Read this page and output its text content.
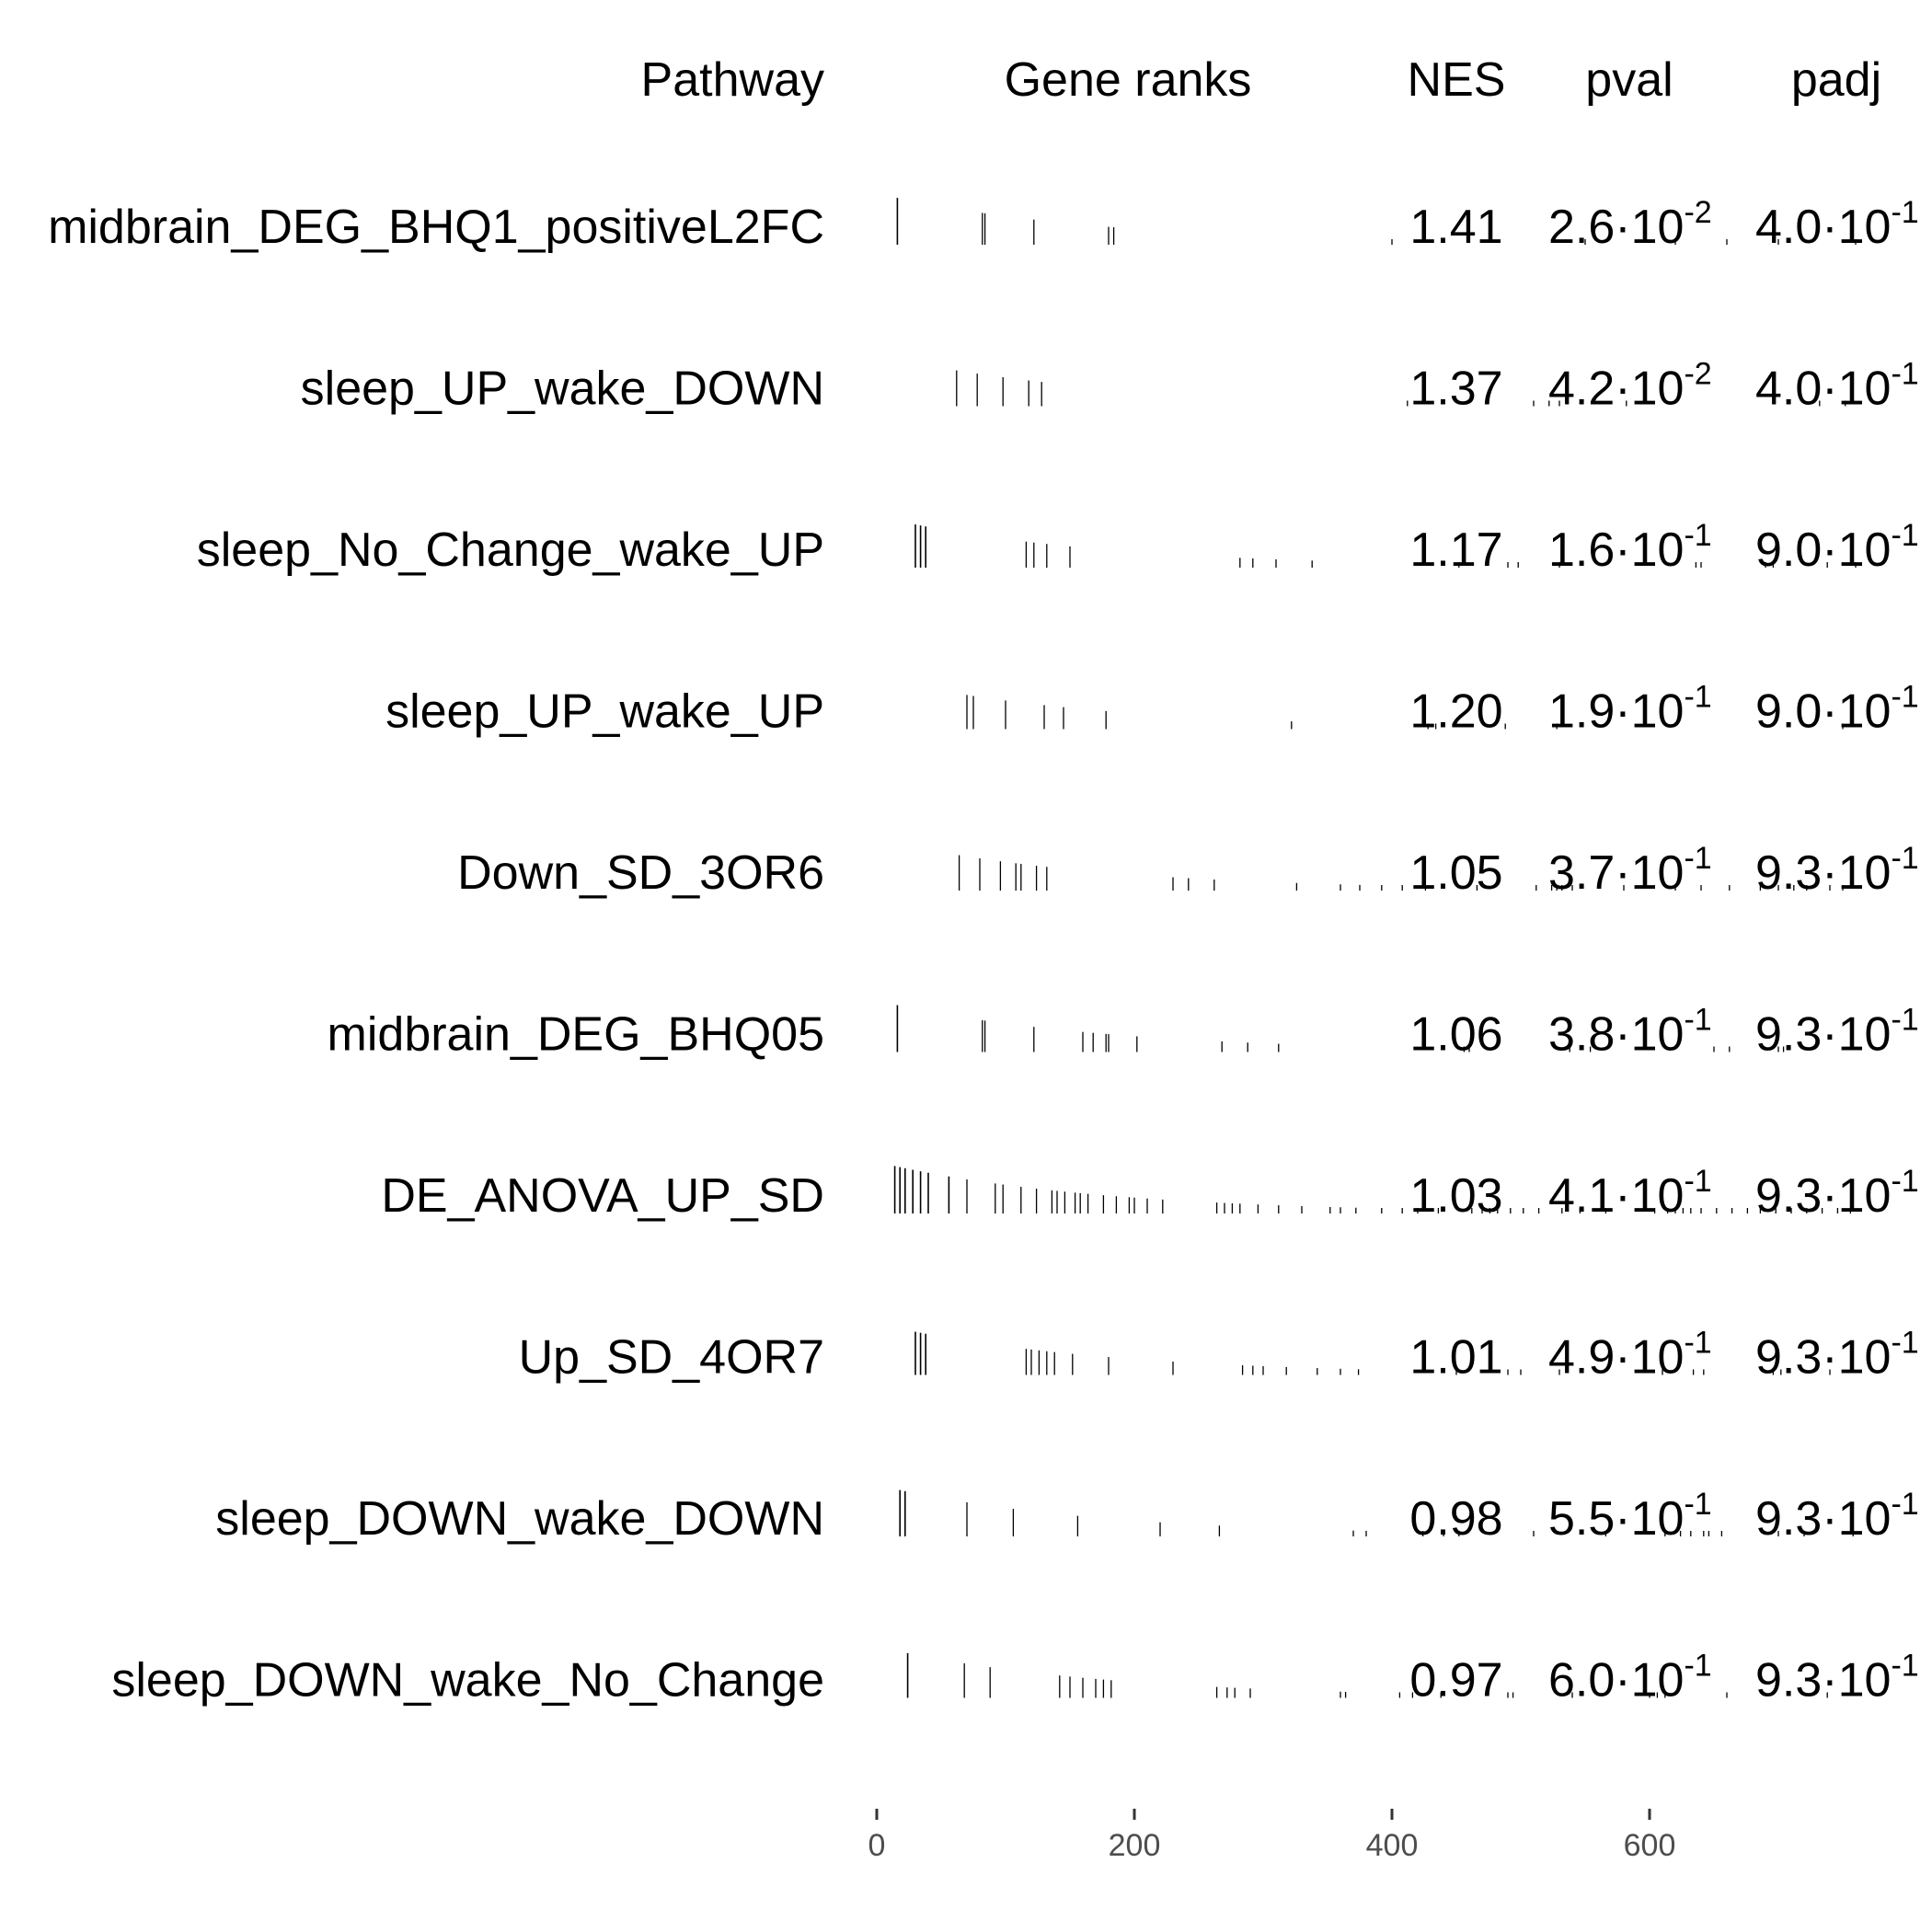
Pathway	Gene ranks	NES pval padj
midbrain_DEG_BHQ1_positiveL2FC	1.41 $2.6\cdot 10^{-2}$ $4.0\cdot 10^{-1}$
sleep_UP_wake_DOWN	1.37 $4.2\cdot 10^{-2}$ $4.0\cdot 10^{-1}$
sleep_No_Change_wake_UP	1.17 $1.6\cdot 10^{-1}$ $9.0\cdot 10^{-1}$
sleep_UP_wake_UP	1.20 $1.9\cdot 10^{-1}$ $9.0\cdot 10^{-1}$
Down_SD_3OR6	1.05 $3.7\cdot 10^{-1}$ $9.3\cdot 10^{-1}$
midbrain_DEG_BHQ05	1.06 $3.8\cdot 10^{-1}$ $9.3\cdot 10^{-1}$
DE_ANOVA_UP_SD	1.03 $4.1\cdot 10^{-1}$ $9.3\cdot 10^{-1}$
Up_SD_4OR7	1.01 $4.9\cdot 10^{-1}$ $9.3\cdot 10^{-1}$
sleep_DOWN_wake_DOWN	0.98 $5.5\cdot 10^{-1}$ $9.3\cdot 10^{-1}$
sleep_DOWN_wake_No_Change	0.97 $6.0\cdot 10^{-1}$ $9.3\cdot 10^{-1}$
0	200	400	600
